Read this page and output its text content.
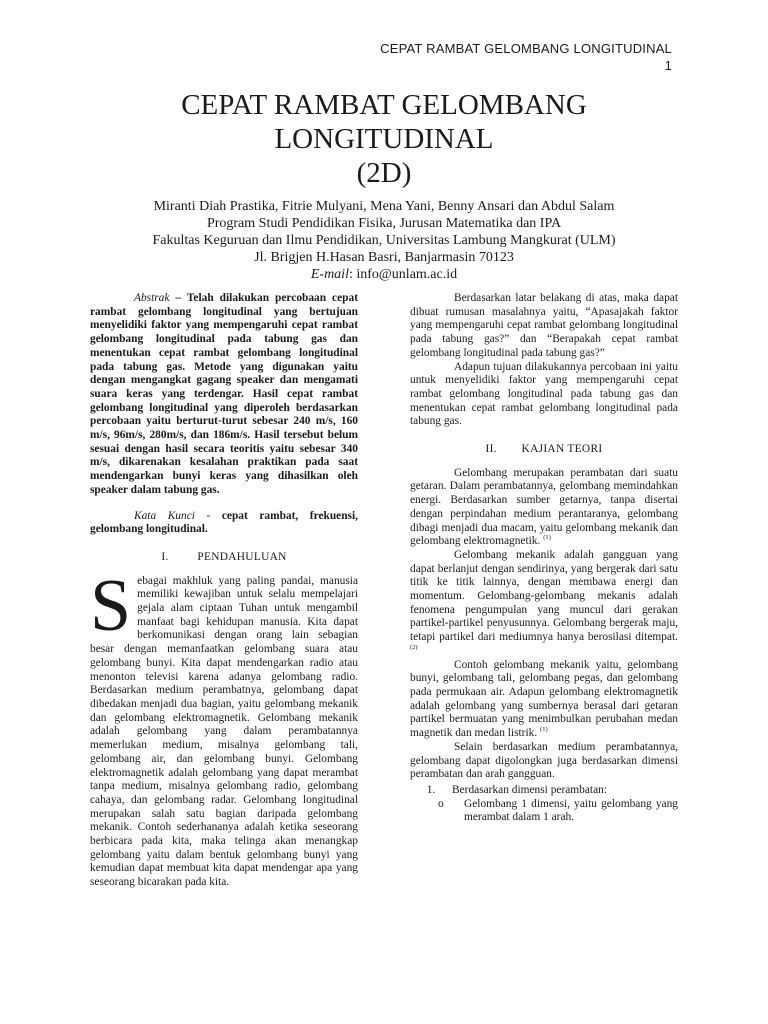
CEPAT RAMBAT GELOMBANG LONGITUDINAL
1
CEPAT RAMBAT GELOMBANG
LONGITUDINAL
(2D)
Miranti Diah Prastika, Fitrie Mulyani, Mena Yani, Benny Ansari dan Abdul Salam
Program Studi Pendidikan Fisika, Jurusan Matematika dan IPA
Fakultas Keguruan dan Ilmu Pendidikan, Universitas Lambung Mangkurat (ULM)
Jl. Brigjen H.Hasan Basri, Banjarmasin 70123
E-mail: info@unlam.ac.id

Abstrak – Telah dilakukan percobaan cepat rambat gelombang longitudinal yang bertujuan menyelidiki faktor yang mempengaruhi cepat rambat gelombang longitudinal pada tabung gas dan menentukan cepat rambat gelombang longitudinal pada tabung gas. Metode yang digunakan yaitu dengan mengangkat gagang speaker dan mengamati suara keras yang terdengar. Hasil cepat rambat gelombang longitudinal yang diperoleh berdasarkan percobaan yaitu berturut-turut sebesar 240 m/s, 160 m/s, 96m/s, 280m/s, dan 186m/s. Hasil tersebut belum sesuai dengan hasil secara teoritis yaitu sebesar 340 m/s, dikarenakan kesalahan praktikan pada saat mendengarkan bunyi keras yang dihasilkan oleh speaker dalam tabung gas.

Kata Kunci - cepat rambat, frekuensi, gelombang longitudinal.

I.	PENDAHULUAN

Sebagai makhluk yang paling pandai, manusia memiliki kewajiban untuk selalu mempelajari gejala alam ciptaan Tuhan untuk mengambil manfaat bagi kehidupan manusia. Kita dapat berkomunikasi dengan orang lain sebagian besar dengan memanfaatkan gelombang suara atau gelombang bunyi. Kita dapat mendengarkan radio atau menonton televisi karena adanya gelombang radio. Berdasarkan medium perambatnya, gelombang dapat dibedakan menjadi dua bagian, yaitu gelombang mekanik dan gelombang elektromagnetik. Gelombang mekanik adalah gelombang yang dalam perambatannya memerlukan medium, misalnya gelombang tali, gelombang air, dan gelombang bunyi. Gelombang elektromagnetik adalah gelombang yang dapat merambat tanpa medium, misalnya gelombang radio, gelombang cahaya, dan gelombang radar. Gelombang longitudinal merupakan salah satu bagian daripada gelombang mekanik. Contoh sederhananya adalah ketika seseorang berbicara pada kita, maka telinga akan menangkap gelombang yaitu dalam bentuk gelombang bunyi yang kemudian dapat membuat kita dapat mendengar apa yang seseorang bicarakan pada kita.

Berdasarkan latar belakang di atas, maka dapat dibuat rumusan masalahnya yaitu, “Apasajakah faktor yang mempengaruhi cepat rambat gelombang longitudinal pada tabung gas?” dan “Berapakah cepat rambat gelombang longitudinal pada tabung gas?”

Adapun tujuan dilakukannya percobaan ini yaitu untuk menyelidiki faktor yang mempengaruhi cepat rambat gelombang longitudinal pada tabung gas dan menentukan cepat rambat gelombang longitudinal pada tabung gas.

II. KAJIAN TEORI

Gelombang merupakan perambatan dari suatu getaran. Dalam perambatannya, gelombang memindahkan energi. Berdasarkan sumber getarnya, tanpa disertai dengan perpindahan medium perantaranya, gelombang dibagi menjadi dua macam, yaitu gelombang mekanik dan gelombang elektromagnetik. $^{(1)}$

Gelombang mekanik adalah gangguan yang dapat berlanjut dengan sendirinya, yang bergerak dari satu titik ke titik lainnya, dengan membawa energi dan momentum. Gelombang-gelombang mekanis adalah fenomena pengumpulan yang muncul dari gerakan partikel-partikel penyusunnya. Gelombang bergerak maju, tetapi partikel dari mediumnya hanya berosilasi ditempat. $^{(2)}$

Contoh gelombang mekanik yaitu, gelombang bunyi, gelombang tali, gelombang pegas, dan gelombang pada permukaan air. Adapun gelombang elektromagnetik adalah gelombang yang sumbernya berasal dari getaran partikel bermuatan yang menimbulkan perubahan medan magnetik dan medan listrik. $^{(1)}$

Selain berdasarkan medium perambatannya, gelombang dapat digolongkan juga berdasarkan dimensi perambatan dan arah gangguan.

1.	Berdasarkan dimensi perambatan:
o	Gelombang 1 dimensi, yaitu gelombang yang merambat dalam 1 arah.
